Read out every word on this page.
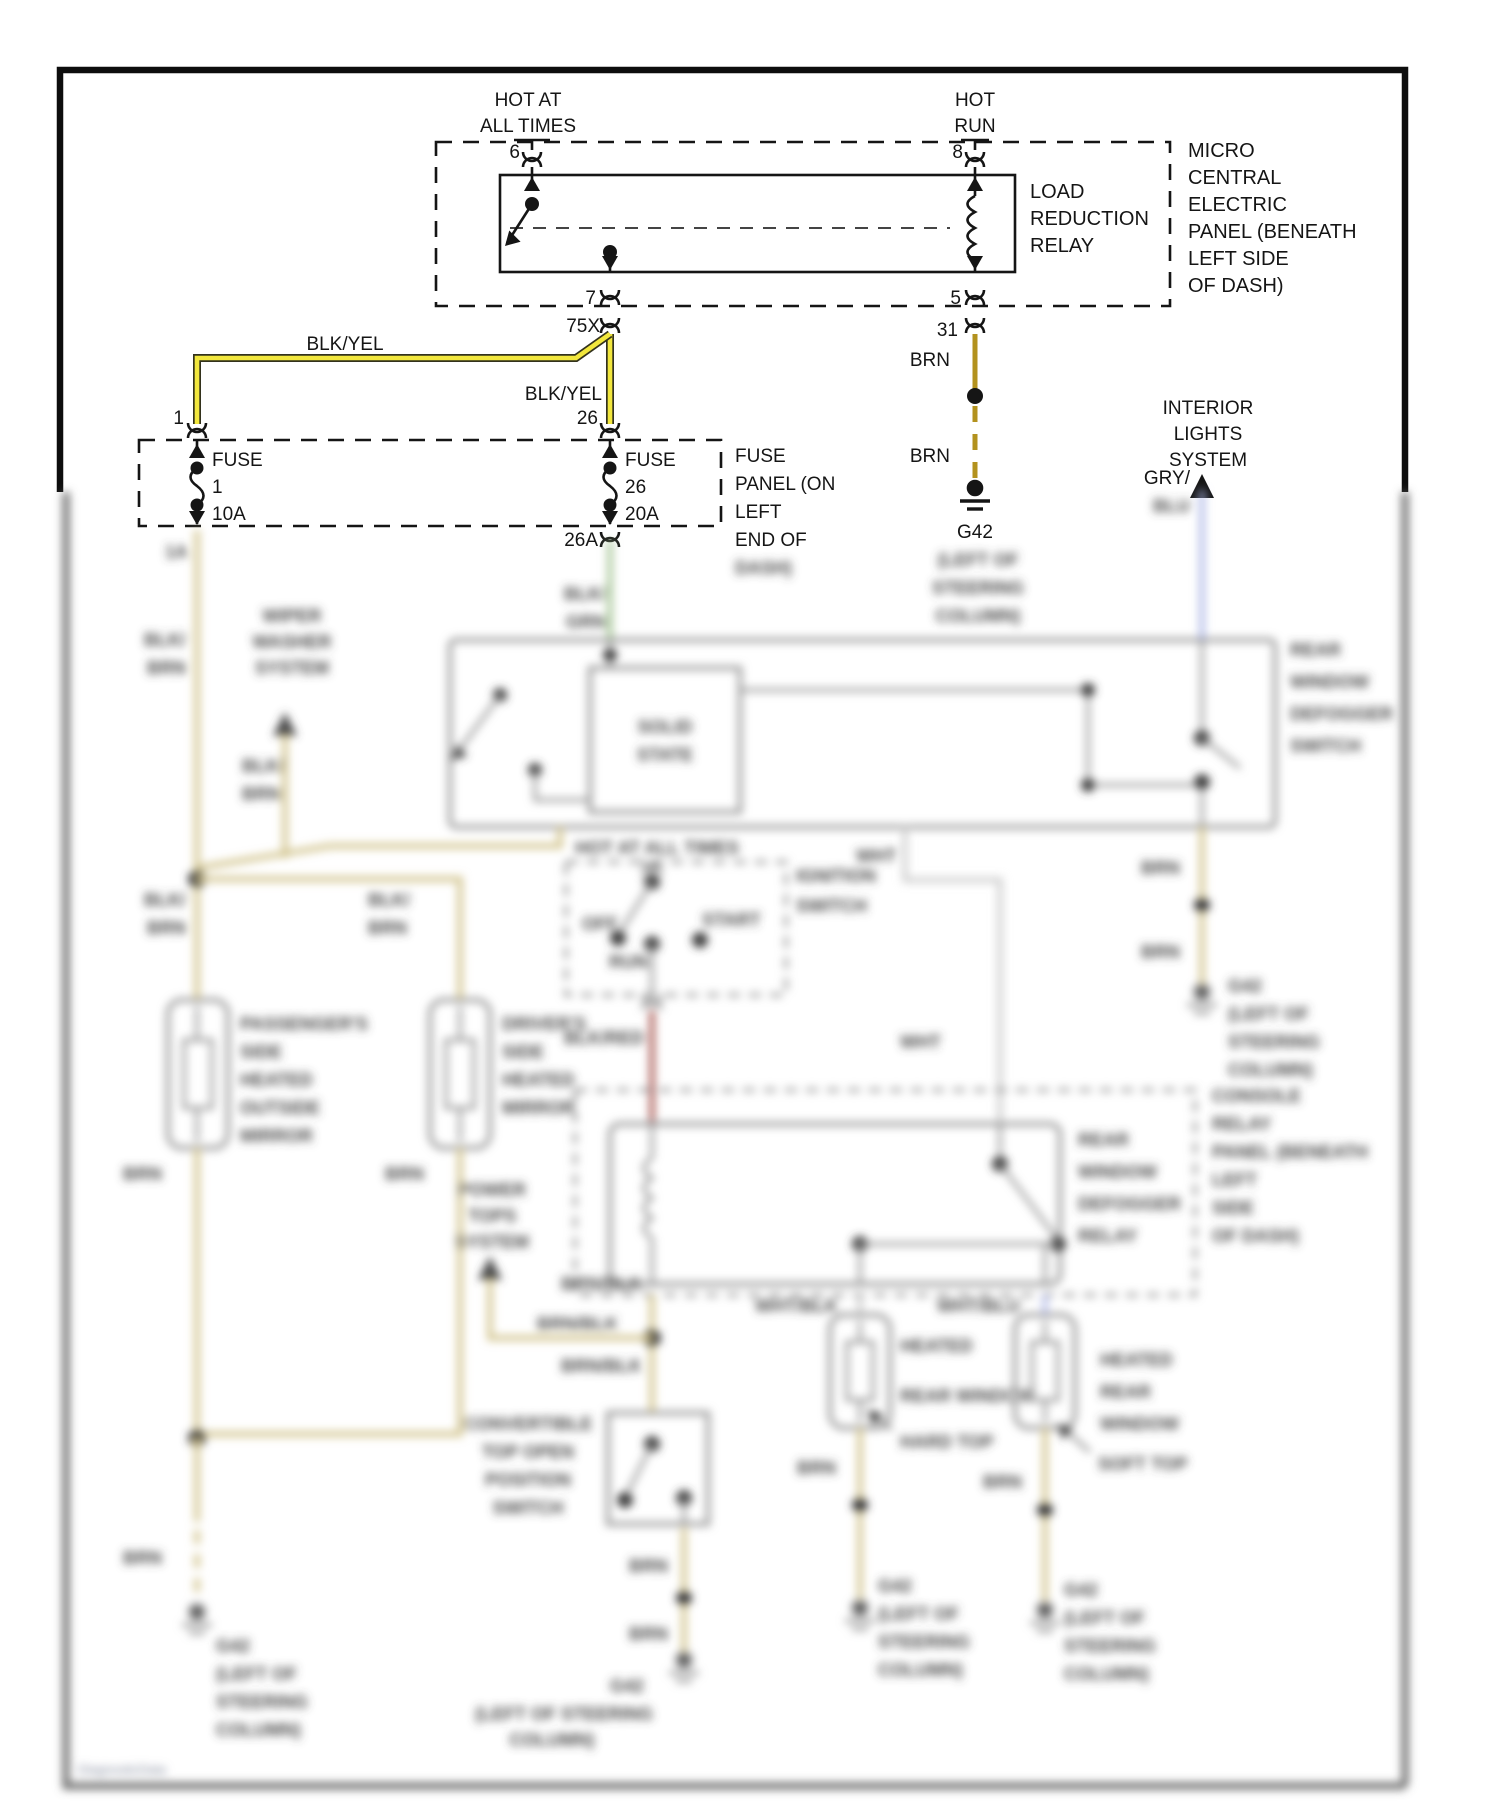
HOT AT
ALL TIMES
6
HOT
RUN
8	MICRO
CENTRAL
ELECTRIC
PANEL (BENEATH
LEFT SIDE
OF DASH)
LOAD
REDUCTION
RELAY
7
75X
5
31
BLK/YEL
BLK/YEL
BRN
BRN
G42
1	26
FUSE
1
10A
FUSE
26
20A
FUSE
PANEL (ON
LEFT
END OF
26A
INTERIOR
LIGHTS
SYSTEM
GRY/
BLK/
GRN
BLU
(LEFT OF
STEERING
COLUMN)
DASH)
1A
SOLID
STATE
REAR
WINDOW
DEFOGGER
SWITCH
BRN
BRN
G42
(LEFT OF
STEERING
COLUMN)
WHT
WHT
BLK/
BRN
WIPER
WASHER
SYSTEM
BLK/
BRN
BLK/
BRN
BLK/
BRN
PASSENGER'S
SIDE
HEATED
OUTSIDE
MIRROR
DRIVER'S
SIDE
HEATED
MIRROR
BRN	BRN
BRN
G42
(LEFT OF
STEERING
COLUMN)
HOT AT ALL TIMES
OFF	START
RUN
IGNITION
SWITCH
BLK/RED
CONSOLE
RELAY
PANEL (BENEATH
LEFT
SIDE
OF DASH)
REAR
WINDOW
DEFOGGER
RELAY
POWER
TOPS
SYSTEM
BRN/BLK
BRN/BLK
BRN/BLK
WHT/BLK	WHT/BLU
HEATED
REAR WINDOW
HARD TOP
HEATED
REAR
WINDOW
SOFT TOP
BRN
G42
(LEFT OF
STEERING
COLUMN)
BRN
G42
(LEFT OF
STEERING
COLUMN)
CONVERTIBLE
TOP OPEN
POSITION
SWITCH
BRN
BRN
G42
(LEFT OF STEERING
COLUMN)
DiagnosticData
